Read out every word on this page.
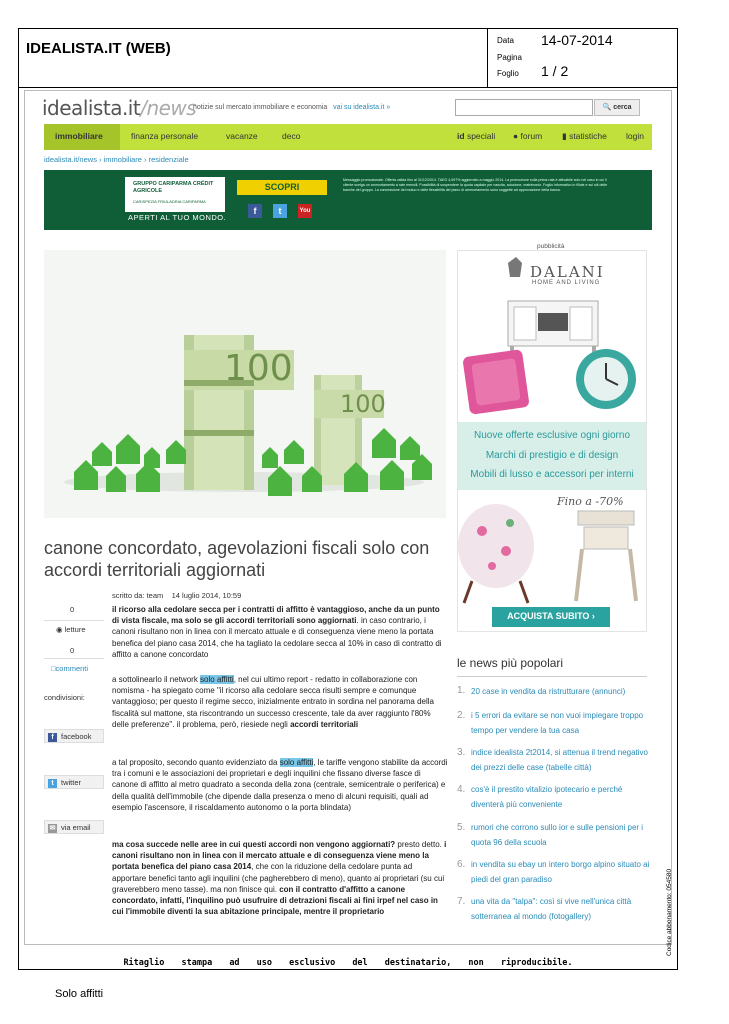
IDEALISTA.IT (WEB)	Data 14-07-2014
Pagina
Foglio 1 / 2
idealista.it/news
notizie sul mercato immobiliare e economia vai su idealista.it »	🔍 cerca
immobiliare	finanza personale	vacanze	deco	id speciali ● forum ▮ statistiche login
idealista.it/news › immobiliare › residenziale
GRUPPO CARIPARMA CRÉDIT AGRICOLE
CARISPEZIA FRIULADRIA CARIPARMA
APERTI AL TUO MONDO.
SCOPRI
f	t	You
Messaggio promozionale. Offerta valida fino al 31/12/2014. TAEG 4,597% aggiornato a maggio 2014. La promozione sulla prima rata è attivabile solo nel caso in cui il cliente scelga un ammortamento a rate mensili. Possibilità di sospendere la quota capitale per nascita, adozione, matrimonio. Foglio informativo in filiale e sui siti delle banche del gruppo. La concessione del mutuo e delle flessibilità del piano di ammortamento sono soggette ad approvazione della banca.
100
100
canone concordato, agevolazioni fiscali solo con accordi territoriali aggiornati
scritto da: team 14 luglio 2014, 10:59
0
◉ letture
0
□commenti
condivisioni:
f facebook
t twitter
✉ via email
il ricorso alla cedolare secca per i contratti di affitto è vantaggioso, anche da un punto di vista fiscale, ma solo se gli accordi territoriali sono aggiornati. in caso contrario, i canoni risultano non in linea con il mercato attuale e di conseguenza viene meno la portata benefica del piano casa 2014, che ha tagliato la cedolare secca al 10% in caso di contratto di affitto a canone concordato
a sottolinearlo il network solo affitti, nel cui ultimo report - redatto in collaborazione con nomisma - ha spiegato come "il ricorso alla cedolare secca risulti sempre e comunque vantaggioso; per questo il regime secco, inizialmente entrato in sordina nel panorama della fiscalità sul mattone, sta riscontrando un successo crescente, tale da aver raggiunto l'80% delle preferenze". il problema, però, riesiede negli accordi territoriali
a tal proposito, secondo quanto evidenziato da solo affitti, le tariffe vengono stabilite da accordi tra i comuni e le associazioni dei proprietari e degli inquilini che fissano diverse fasce di canone di affitto al metro quadrato a seconda della zona (centrale, semicentrale o periferica) e della qualità dell'immobile (che dipende dalla presenza o meno di alcuni requisiti, quali ad esempio l'ascensore, il riscaldamento autonomo o la porta blindata)
ma cosa succede nelle aree in cui questi accordi non vengono aggiornati? presto detto. i canoni risultano non in linea con il mercato attuale e di conseguenza viene meno la portata benefica del piano casa 2014, che con la riduzione della cedolare punta ad apportare benefici tanto agli inquilini (che pagherebbero di meno), quanto ai proprietari (su cui graverebbero meno tasse). ma non finisce qui. con il contratto d'affitto a canone concordato, infatti, l'inquilino può usufruire di detrazioni fiscali ai fini irpef nel caso in cui l'immobile diventi la sua abitazione principale, mentre il proprietario
pubblicità
DALANI
HOME AND LIVING
Nuove offerte esclusive ogni giorno
Marchi di prestigio e di design
Mobili di lusso e accessori per interni
Fino a -70%
ACQUISTA SUBITO ›
le news più popolari
1. 20 case in vendita da ristrutturare (annunci)
2. i 5 errori da evitare se non vuoi impiegare troppo tempo per vendere la tua casa
3. indice idealista 2t2014, si attenua il trend negativo dei prezzi delle case (tabelle città)
4. cos'è il prestito vitalizio ipotecario e perché diventerà più conveniente
5. rumori che corrono sullo ior e sulle pensioni per i quota 96 della scuola
6. in vendita su ebay un intero borgo alpino situato ai piedi del gran paradiso
7. una vita da "talpa": così si vive nell'unica città sotterranea al mondo (fotogallery)
Ritaglio stampa ad uso esclusivo del destinatario, non riproducibile.
Codice abbonamento: 054580
Solo affitti
